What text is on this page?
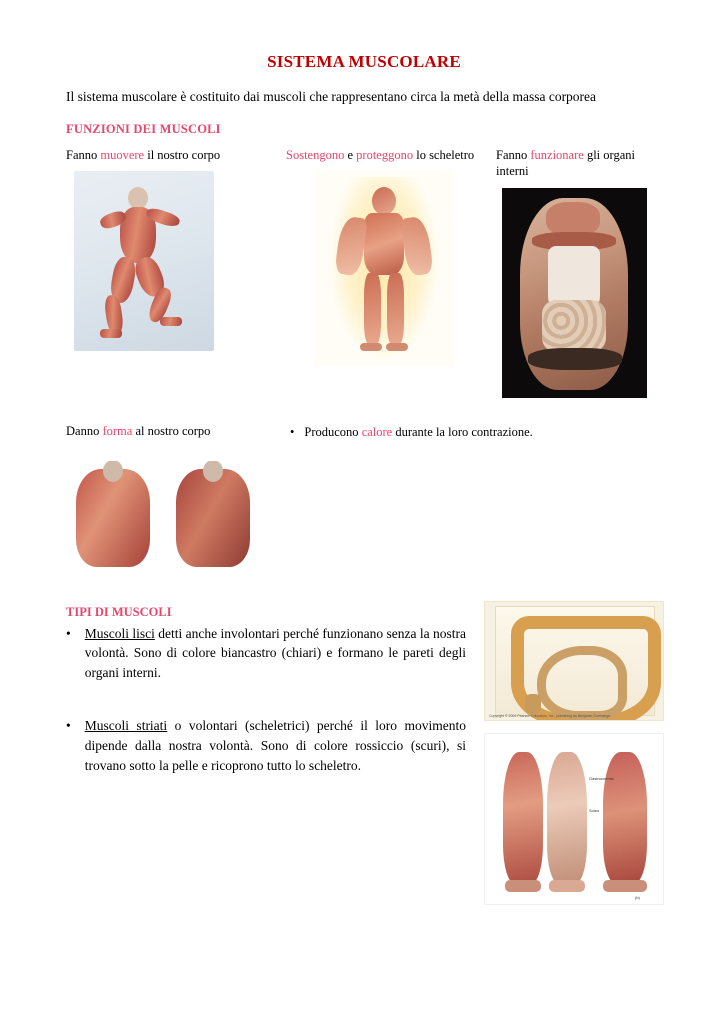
SISTEMA MUSCOLARE

Il sistema muscolare è costituito dai muscoli che rappresentano circa la metà della massa corporea

FUNZIONI DEI MUSCOLI
Fanno muovere il nostro corpo	Sostengono e proteggono lo scheletro Fanno funzionare gli organi interni
Danno forma al nostro corpo	• Producono calore durante la loro contrazione.
TIPI DI MUSCOLI
• Muscoli lisci detti anche involontari perché funzionano senza la nostra volontà. Sono di colore biancastro (chiari) e formano le pareti degli organi interni.
• Muscoli striati o volontari (scheletrici) perché il loro movimento dipende dalla nostra volontà. Sono di colore rossiccio (scuri), si trovano sotto la pelle e ricoprono tutto lo scheletro.
Copyright © 2004 Pearson Education, Inc., publishing as Benjamin Cummings
Gastrocnemio
Soleo
(b)
